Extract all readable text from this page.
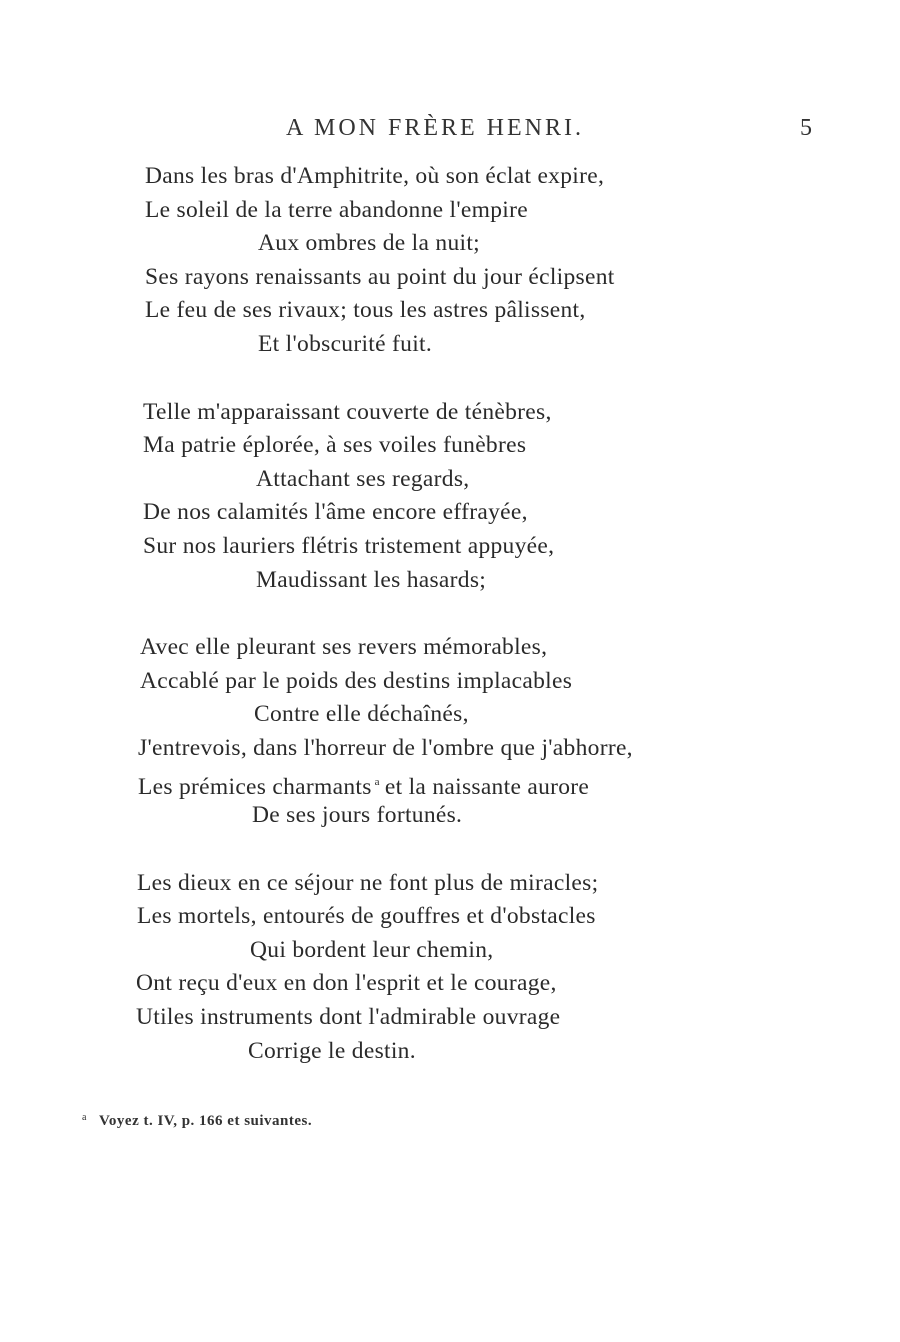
A MON FRÈRE HENRI.	5
Dans les bras d'Amphitrite, où son éclat expire,
Le soleil de la terre abandonne l'empire
Aux ombres de la nuit;
Ses rayons renaissants au point du jour éclipsent
Le feu de ses rivaux; tous les astres pâlissent,
Et l'obscurité fuit.
Telle m'apparaissant couverte de ténèbres,
Ma patrie éplorée, à ses voiles funèbres
Attachant ses regards,
De nos calamités l'âme encore effrayée,
Sur nos lauriers flétris tristement appuyée,
Maudissant les hasards;
Avec elle pleurant ses revers mémorables,
Accablé par le poids des destins implacables
Contre elle déchaînés,
J'entrevois, dans l'horreur de l'ombre que j'abhorre,
Les prémices charmants $^a$ et la naissante aurore
De ses jours fortunés.
Les dieux en ce séjour ne font plus de miracles;
Les mortels, entourés de gouffres et d'obstacles
Qui bordent leur chemin,
Ont reçu d'eux en don l'esprit et le courage,
Utiles instruments dont l'admirable ouvrage
Corrige le destin.
$^a$ Voyez t. IV, p. 166 et suivantes.
